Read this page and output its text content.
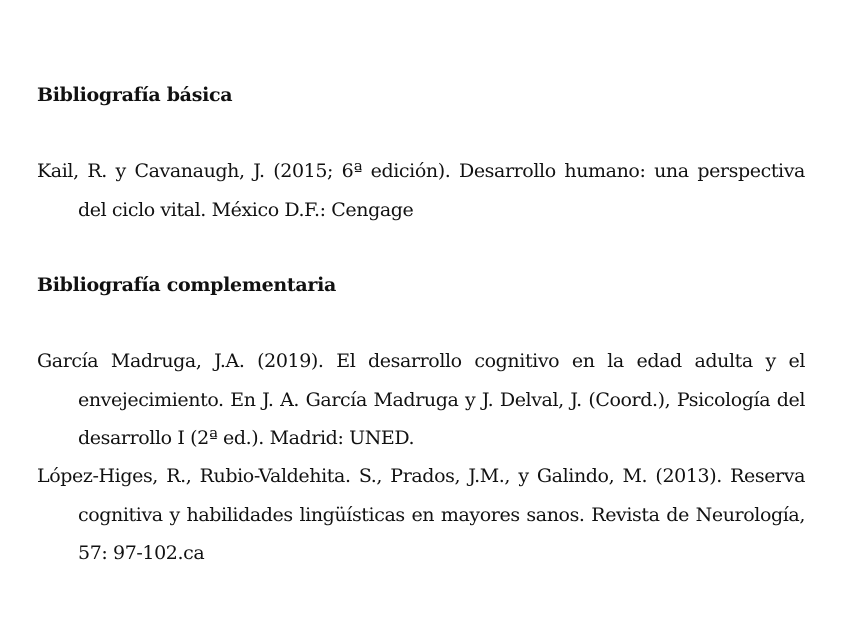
Bibliografía básica
Kail, R. y Cavanaugh, J. (2015; 6ª edición). Desarrollo humano: una perspectiva del ciclo vital. México D.F.: Cengage
Bibliografía complementaria
García Madruga, J.A. (2019). El desarrollo cognitivo en la edad adulta y el envejecimiento. En J. A. García Madruga y J. Delval, J. (Coord.), Psicología del desarrollo I (2ª ed.). Madrid: UNED.
López-Higes, R., Rubio-Valdehita. S., Prados, J.M., y Galindo, M. (2013). Reserva cognitiva y habilidades lingüísticas en mayores sanos. Revista de Neurología, 57: 97-102.ca
